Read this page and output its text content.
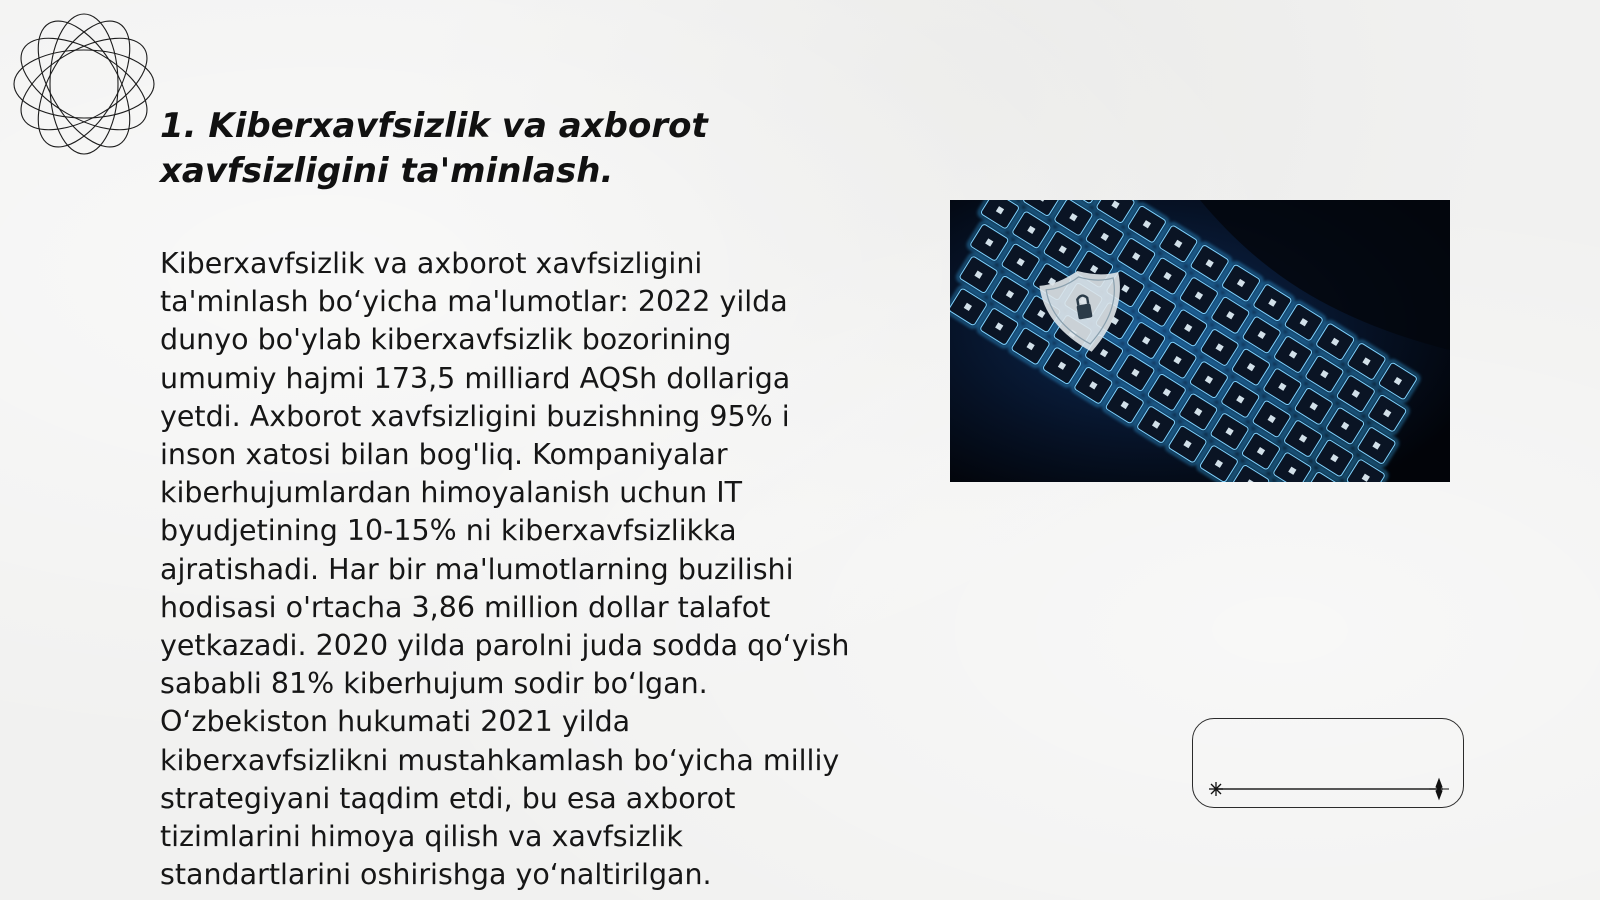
1. Kiberxavfsizlik va axborot
xavfsizligini ta'minlash.

Kiberxavfsizlik va axborot xavfsizligini ta'minlash bo‘yicha ma'lumotlar: 2022 yilda dunyo bo'ylab kiberxavfsizlik bozorining umumiy hajmi 173,5 milliard AQSh dollariga yetdi. Axborot xavfsizligini buzishning 95% i inson xatosi bilan bog'liq. Kompaniyalar kiberhujumlardan himoyalanish uchun IT byudjetining 10-15% ni kiberxavfsizlikka ajratishadi. Har bir ma'lumotlarning buzilishi hodisasi o'rtacha 3,86 million dollar talafot yetkazadi. 2020 yilda parolni juda sodda qo‘yish sababli 81% kiberhujum sodir bo‘lgan. O‘zbekiston hukumati 2021 yilda kiberxavfsizlikni mustahkamlash bo‘yicha milliy strategiyani taqdim etdi, bu esa axborot tizimlarini himoya qilish va xavfsizlik standartlarini oshirishga yo‘naltirilgan.
